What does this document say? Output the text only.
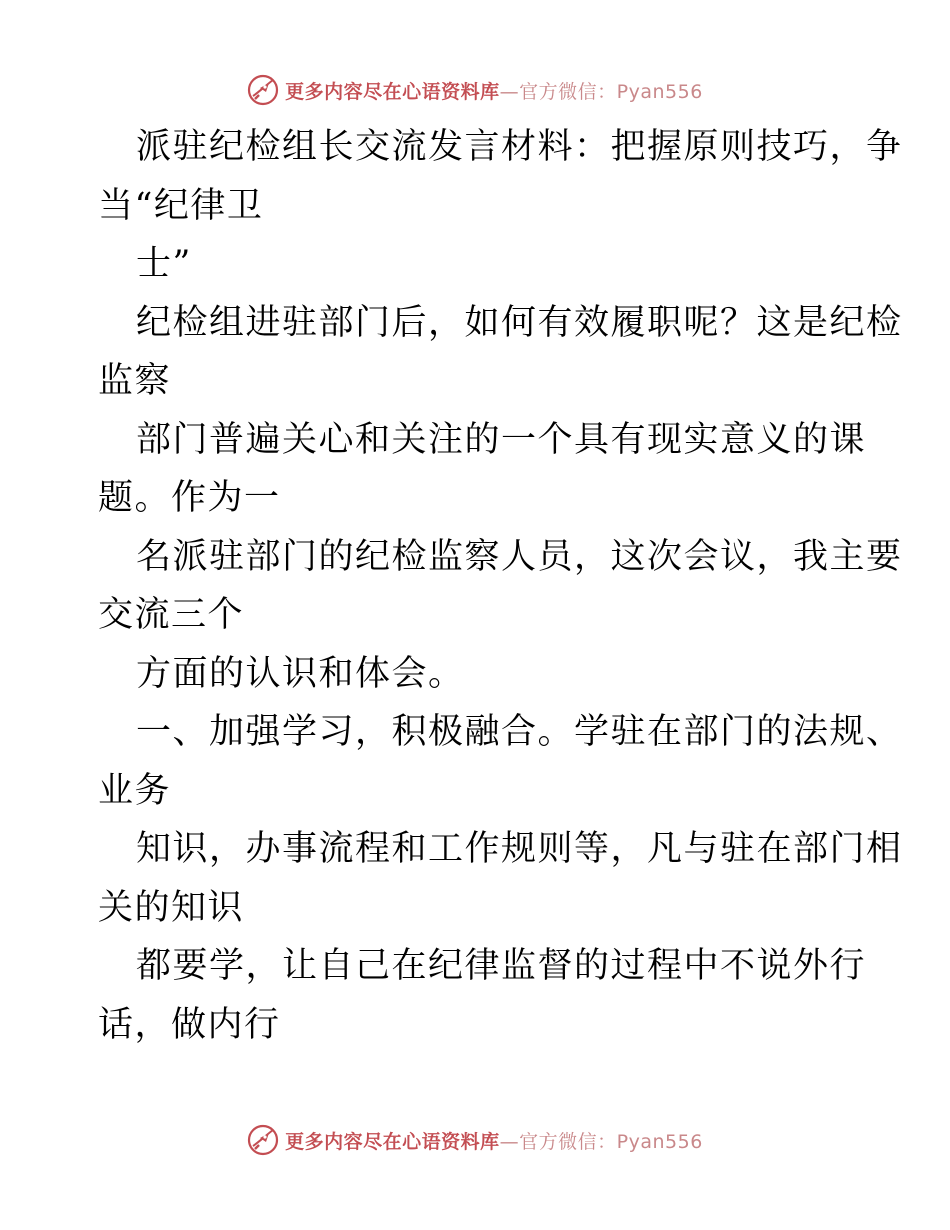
更多内容尽在心语资料库—官方微信：Pyan556
派驻纪检组长交流发言材料：把握原则技巧，争
当“纪律卫
士”
纪检组进驻部门后，如何有效履职呢？这是纪检
监察
部门普遍关心和关注的一个具有现实意义的课
题。作为一
名派驻部门的纪检监察人员，这次会议，我主要
交流三个
方面的认识和体会。
一、加强学习，积极融合。学驻在部门的法规、
业务
知识，办事流程和工作规则等，凡与驻在部门相
关的知识
都要学，让自己在纪律监督的过程中不说外行
话，做内行
更多内容尽在心语资料库—官方微信：Pyan556
